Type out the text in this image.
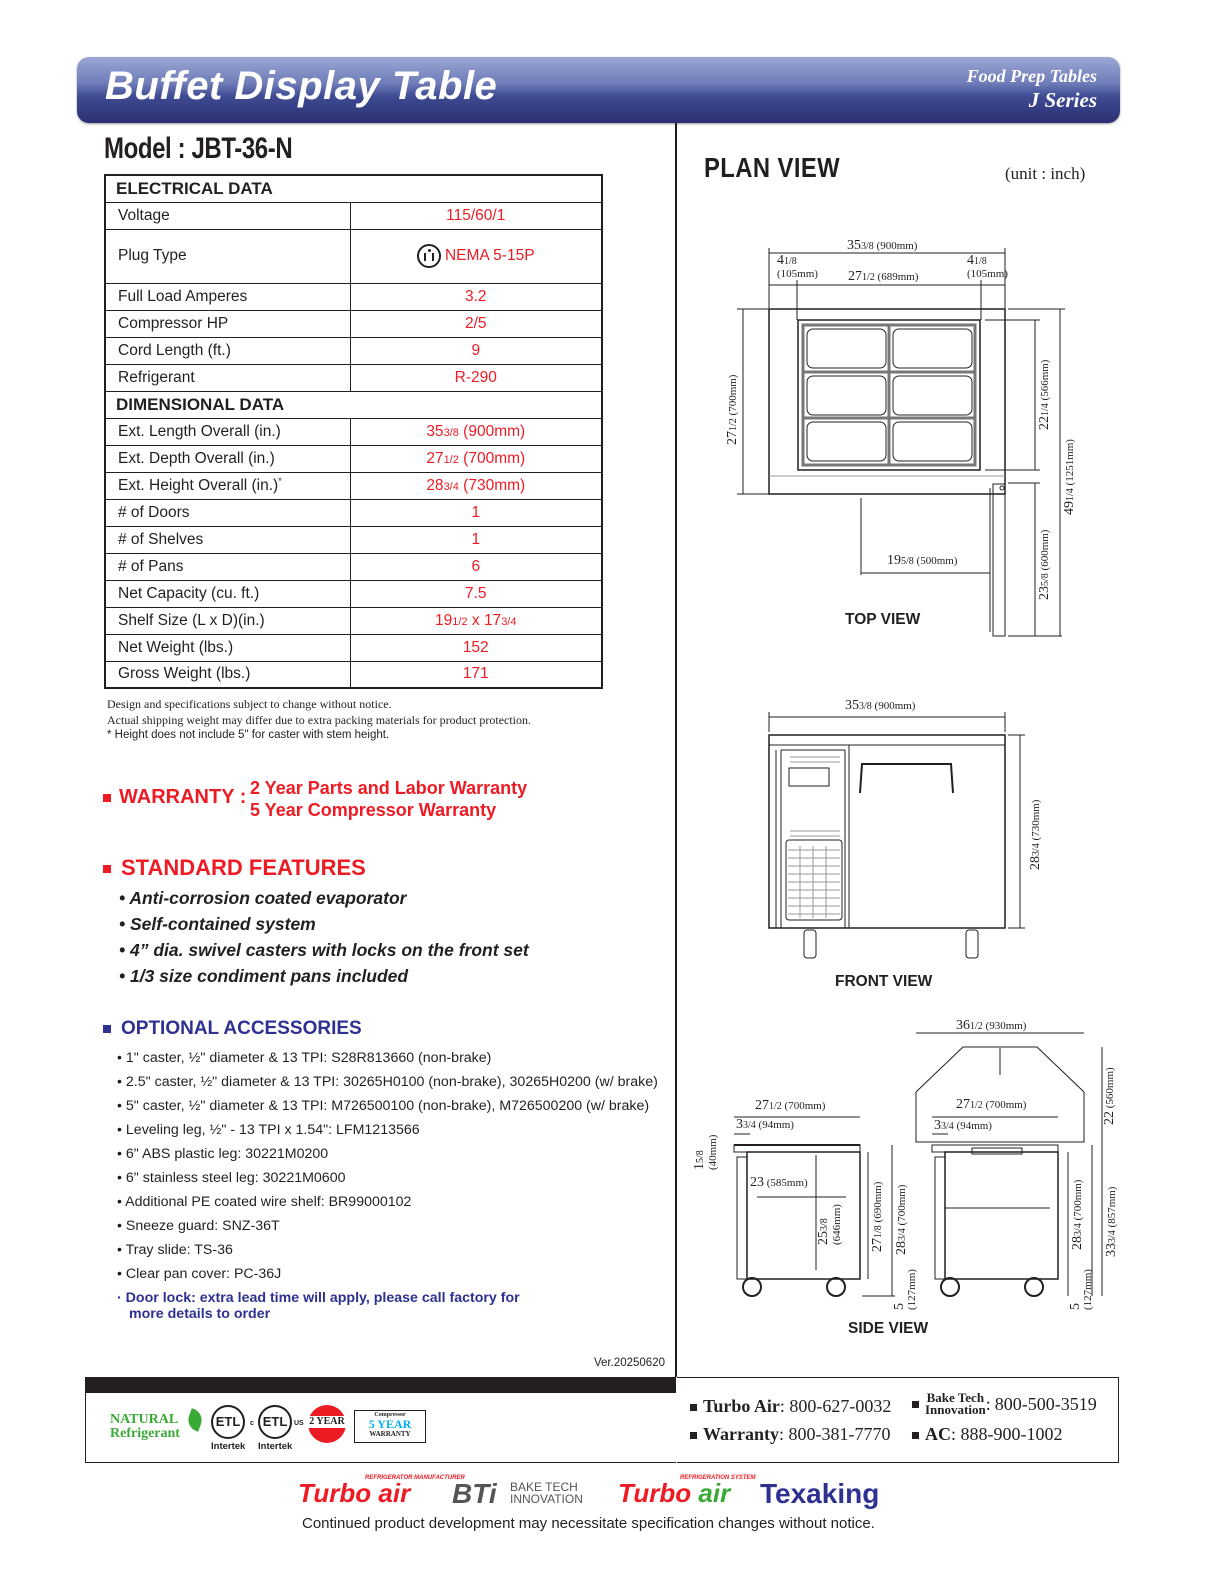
Buffet Display Table	Food Prep Tables
J Series
Model : JBT-36-N
ELECTRICAL DATA	
Voltage	115/60/1
Plug Type	NEMA 5-15P
Full Load Amperes	3.2
Compressor HP	2/5
Cord Length (ft.)	9
Refrigerant	R-290
DIMENSIONAL DATA	
Ext. Length Overall (in.)	353/8 (900mm)
Ext. Depth Overall (in.)	271/2 (700mm)
Ext. Height Overall (in.)*	283/4 (730mm)
# of Doors	1
# of Shelves	1
# of Pans	6
Net Capacity (cu. ft.)	7.5
Shelf Size (L x D)(in.)	191/2 x 173/4
Net Weight (lbs.)	152
Gross Weight (lbs.)	171
Design and specifications subject to change without notice.
Actual shipping weight may differ due to extra packing materials for product protection.
* Height does not include 5" for caster with stem height.
WARRANTY : 2 Year Parts and Labor Warranty
5 Year Compressor Warranty
STANDARD FEATURES
• Anti-corrosion coated evaporator
• Self-contained system
• 4” dia. swivel casters with locks on the front set
• 1/3 size condiment pans included
OPTIONAL ACCESSORIES
• 1" caster, ½" diameter & 13 TPI: S28R813660 (non-brake)
• 2.5" caster, ½" diameter & 13 TPI: 30265H0100 (non-brake), 30265H0200 (w/ brake)
• 5" caster, ½" diameter & 13 TPI: M726500100 (non-brake), M726500200 (w/ brake)
• Leveling leg, ½" - 13 TPI x 1.54": LFM1213566
• 6" ABS plastic leg: 30221M0200
• 6" stainless steel leg: 30221M0600
• Additional PE coated wire shelf: BR99000102
• Sneeze guard: SNZ-36T
• Tray slide: TS-36
• Clear pan cover: PC-36J
· Door lock: extra lead time will apply, please call factory for
more details to order
Ver.20250620
PLAN VIEW	(unit : inch)
353/8 (900mm)
41/8
(105mm) 271/2 (689mm)
41/8
(105mm)
271/2 (700mm)
221/4 (566mm)
235/8 (600mm)
491/4 (1251mm)
195/8 (500mm)
TOP VIEW
353/8 (900mm)
283/4 (730mm)
FRONT VIEW
271/2 (700mm)
33/4 (94mm)
15/8
(40mm)
23 (585mm)
253/8
(646mm) 271/8 (690mm)
283/4 (700mm)
5
(127mm)
361/2 (930mm)
22 (560mm)
271/2 (700mm)
33/4 (94mm)
283/4 (700mm)
333/4 (857mm)
5
(127mm)
SIDE VIEW
NATURAL
Refrigerant
ETL
Intertek
c ETL US
Intertek
2 YEAR
Compressor
5 YEAR
WARRANTY
Turbo Air: 800-627-0032	Bake Tech
Innovation : 800-500-3519
Warranty: 800-381-7770	AC: 888-900-1002
REFRIGERATOR MANUFACTURER
Turbo air BTi BAKE TECH
INNOVATION
REFRIGERATION SYSTEM
Turbo air Texaking
Continued product development may necessitate specification changes without notice.
